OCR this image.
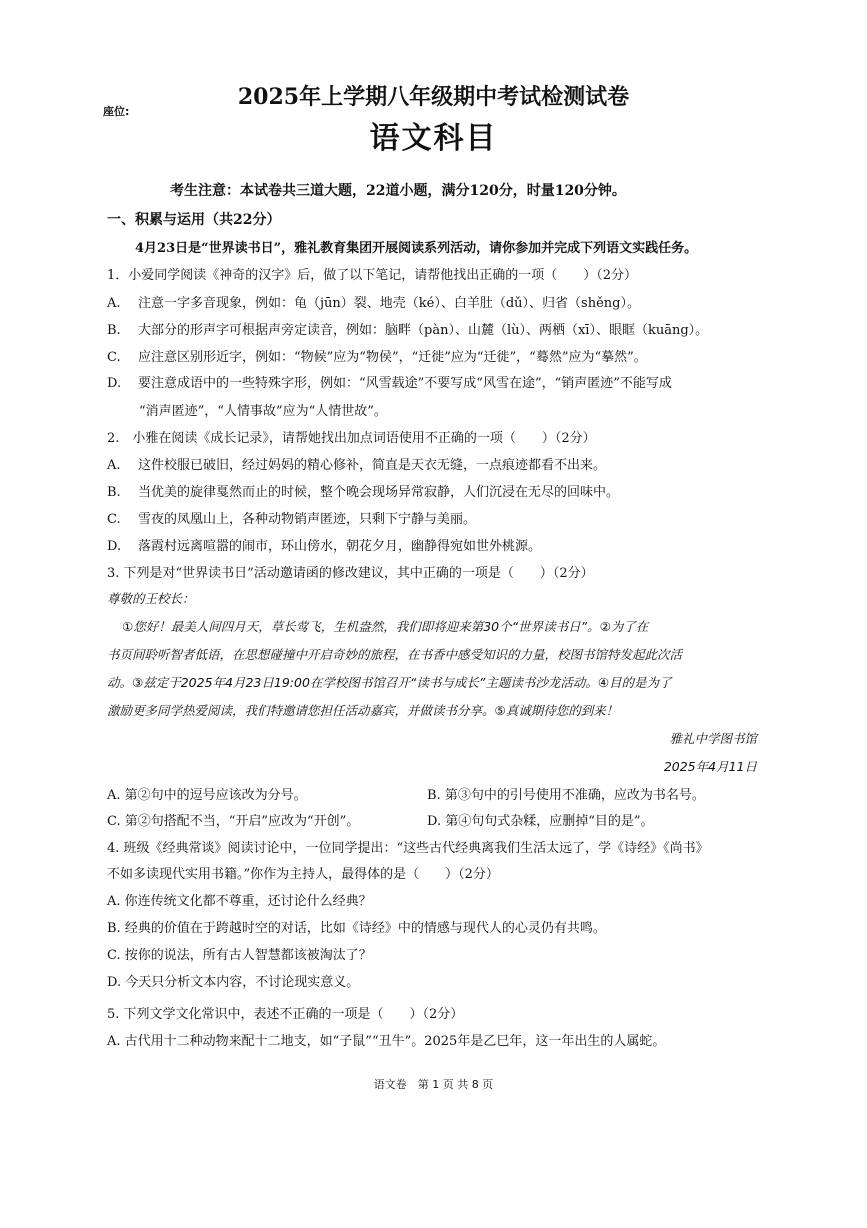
座位:
2025年上学期八年级期中考试检测试卷
语文科目
考生注意：本试卷共三道大题，22道小题，满分120分，时量120分钟。
一、积累与运用（共22分）
4月23日是“世界读书日”，雅礼教育集团开展阅读系列活动，请你参加并完成下列语文实践任务。
1．小爱同学阅读《神奇的汉字》后，做了以下笔记，请帮他找出正确的一项（　　）（2分）
A. 注意一字多音现象，例如：龟（jūn）裂、地壳（ké）、白羊肚（dǔ）、归省（shěng）。
B. 大部分的形声字可根据声旁定读音，例如：脑畔（pàn）、山麓（lù）、两栖（xī）、眼眶（kuāng）。
C. 应注意区别形近字，例如：“物候”应为“物侯”，“迁徙”应为“迁徙”，“蓦然”应为“摹然”。
D. 要注意成语中的一些特殊字形，例如：“风雪载途”不要写成“风雪在途”，“销声匿迹”不能写成
“消声匿迹”，“人情事故”应为“人情世故”。
2.　小雅在阅读《成长记录》，请帮她找出加点词语使用不正确的一项（　　）（2分）
A. 这件校服已破旧，经过妈妈的精心修补，简直是天衣无缝，一点痕迹都看不出来。
B. 当优美的旋律戛然而止的时候，整个晚会现场异常寂静，人们沉浸在无尽的回味中。
C. 雪夜的凤凰山上，各种动物销声匿迹，只剩下宁静与美丽。
D. 落霞村远离喧嚣的闹市，环山傍水，朝花夕月，幽静得宛如世外桃源。
3. 下列是对“世界读书日”活动邀请函的修改建议，其中正确的一项是（　　）（2分）
尊敬的王校长：
①您好！最美人间四月天，草长莺飞，生机盎然，我们即将迎来第30个“世界读书日”。②为了在
书页间聆听智者低语，在思想碰撞中开启奇妙的旅程，在书香中感受知识的力量，校图书馆特发起此次活
动。③兹定于2025年4月23日19:00在学校图书馆召开“读书与成长”主题读书沙龙活动。④目的是为了
激励更多同学热爱阅读，我们特邀请您担任活动嘉宾，并做读书分享。⑤真诚期待您的到来！
雅礼中学图书馆
2025年4月11日
A. 第②句中的逗号应该改为分号。	B. 第③句中的引号使用不准确，应改为书名号。
C. 第②句搭配不当，“开启”应改为“开创”。	D. 第④句句式杂糅，应删掉“目的是”。
4. 班级《经典常谈》阅读讨论中，一位同学提出：“这些古代经典离我们生活太远了，学《诗经》《尚书》
不如多读现代实用书籍。”你作为主持人，最得体的是（　　）（2分）
A. 你连传统文化都不尊重，还讨论什么经典？
B. 经典的价值在于跨越时空的对话，比如《诗经》中的情感与现代人的心灵仍有共鸣。
C. 按你的说法，所有古人智慧都该被淘汰了？
D. 今天只分析文本内容，不讨论现实意义。
5. 下列文学文化常识中，表述不正确的一项是（　　）（2分）
A. 古代用十二种动物来配十二地支，如“子鼠”“丑牛”。2025年是乙巳年，这一年出生的人属蛇。
语文卷　第 1 页 共 8 页
